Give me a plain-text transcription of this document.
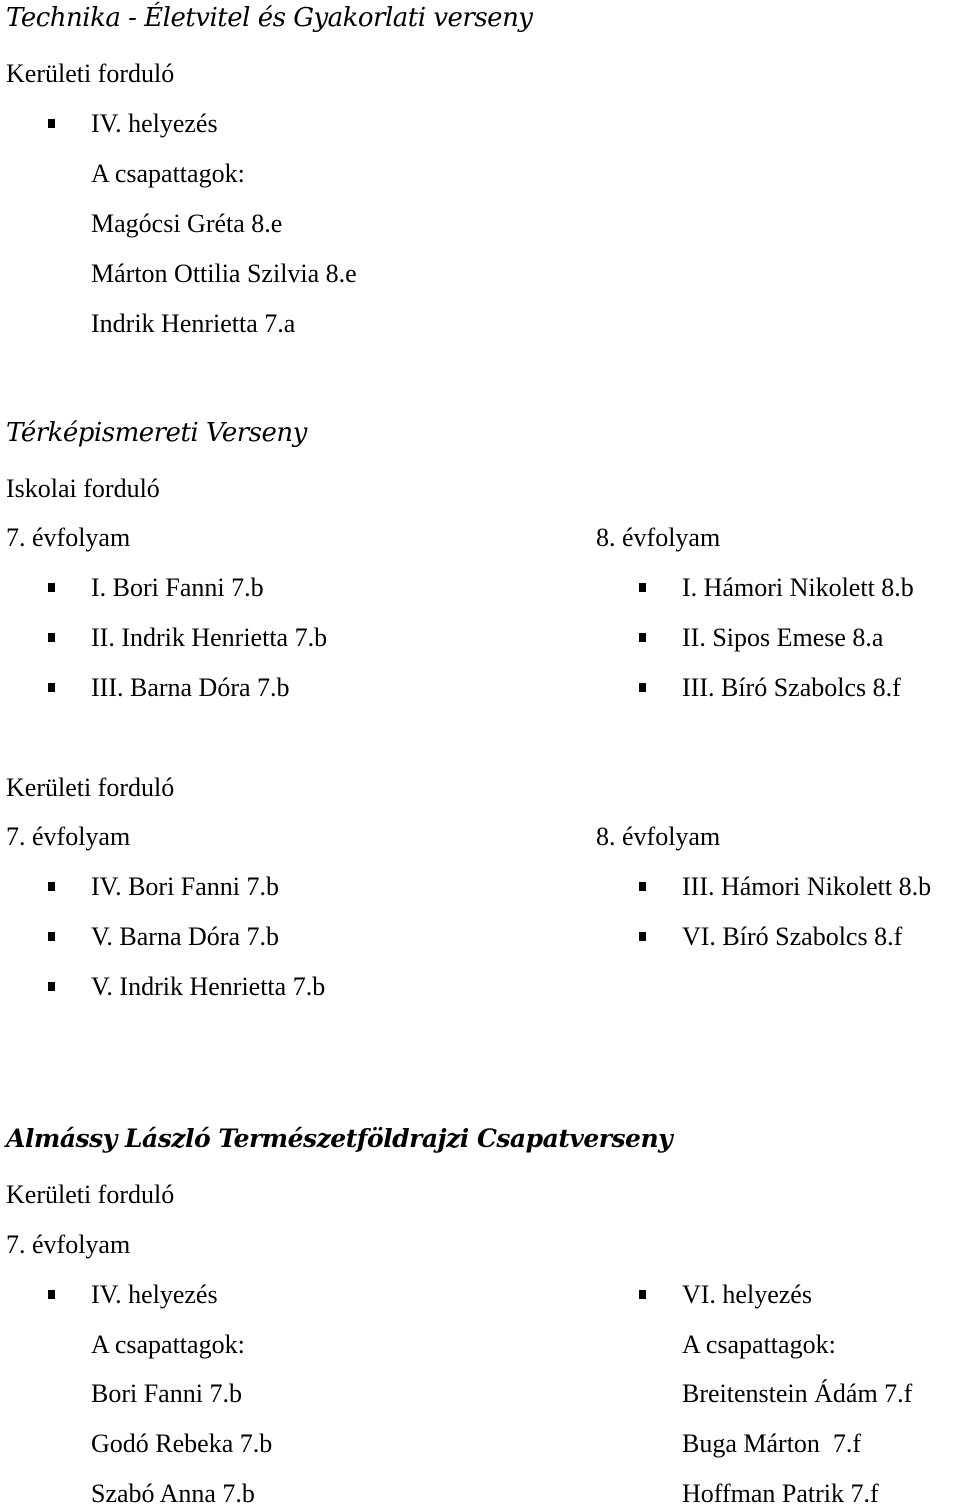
Technika - Életvitel és Gyakorlati verseny
Kerületi forduló
IV. helyezés
A csapattagok:
Magócsi Gréta 8.e
Márton Ottilia Szilvia 8.e
Indrik Henrietta 7.a
Térképismereti Verseny
Iskolai forduló
7. évfolyam
I. Bori Fanni 7.b
II. Indrik Henrietta 7.b
III. Barna Dóra 7.b
8. évfolyam
I. Hámori Nikolett 8.b
II. Sipos Emese 8.a
III. Bíró Szabolcs 8.f
Kerületi forduló
7. évfolyam
IV. Bori Fanni 7.b
V. Barna Dóra 7.b
V. Indrik Henrietta 7.b
8. évfolyam
III. Hámori Nikolett 8.b
VI. Bíró Szabolcs 8.f
Almássy László Természetföldrajzi Csapatverseny
Kerületi forduló
7. évfolyam
IV. helyezés
A csapattagok:
Bori Fanni 7.b
Godó Rebeka 7.b
Szabó Anna 7.b
VI. helyezés
A csapattagok:
Breitenstein Ádám 7.f
Buga Márton  7.f
Hoffman Patrik 7.f
